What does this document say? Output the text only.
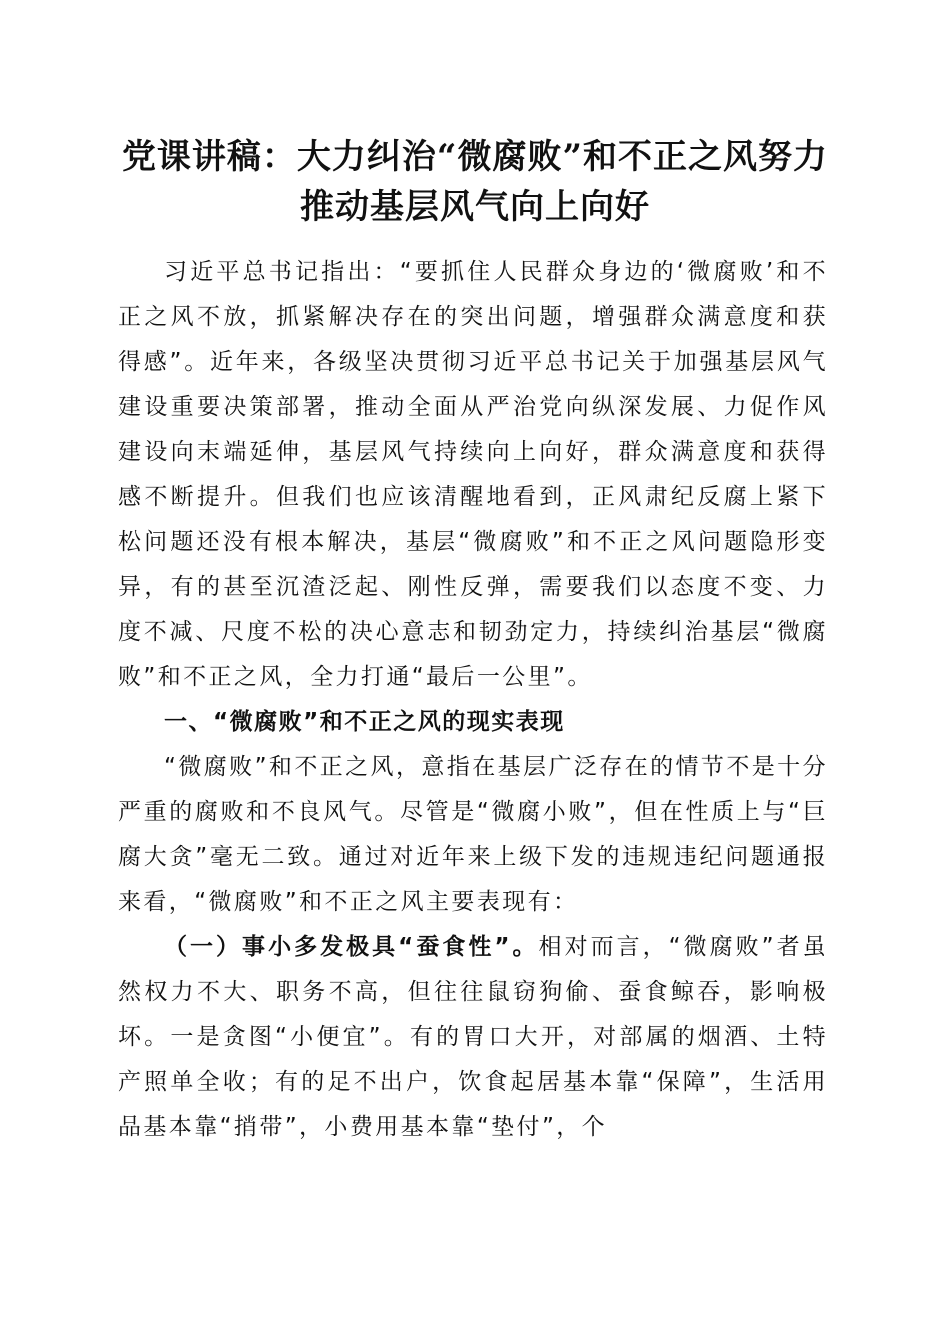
党课讲稿：大力纠治“微腐败”和不正之风努力推动基层风气向上向好

习近平总书记指出：“要抓住人民群众身边的‘微腐败’和不正之风不放，抓紧解决存在的突出问题，增强群众满意度和获得感”。近年来，各级坚决贯彻习近平总书记关于加强基层风气建设重要决策部署，推动全面从严治党向纵深发展、力促作风建设向末端延伸，基层风气持续向上向好，群众满意度和获得感不断提升。但我们也应该清醒地看到，正风肃纪反腐上紧下松问题还没有根本解决，基层“微腐败”和不正之风问题隐形变异，有的甚至沉渣泛起、刚性反弹，需要我们以态度不变、力度不减、尺度不松的决心意志和韧劲定力，持续纠治基层“微腐败”和不正之风，全力打通“最后一公里”。

一、“微腐败”和不正之风的现实表现

“微腐败”和不正之风，意指在基层广泛存在的情节不是十分严重的腐败和不良风气。尽管是“微腐小败”，但在性质上与“巨腐大贪”毫无二致。通过对近年来上级下发的违规违纪问题通报来看，“微腐败”和不正之风主要表现有：

（一）事小多发极具“蚕食性”。相对而言，“微腐败”者虽然权力不大、职务不高，但往往鼠窃狗偷、蚕食鲸吞，影响极坏。一是贪图“小便宜”。有的胃口大开，对部属的烟酒、土特产照单全收；有的足不出户，饮食起居基本靠“保障”，生活用品基本靠“捎带”，小费用基本靠“垫付”，个
